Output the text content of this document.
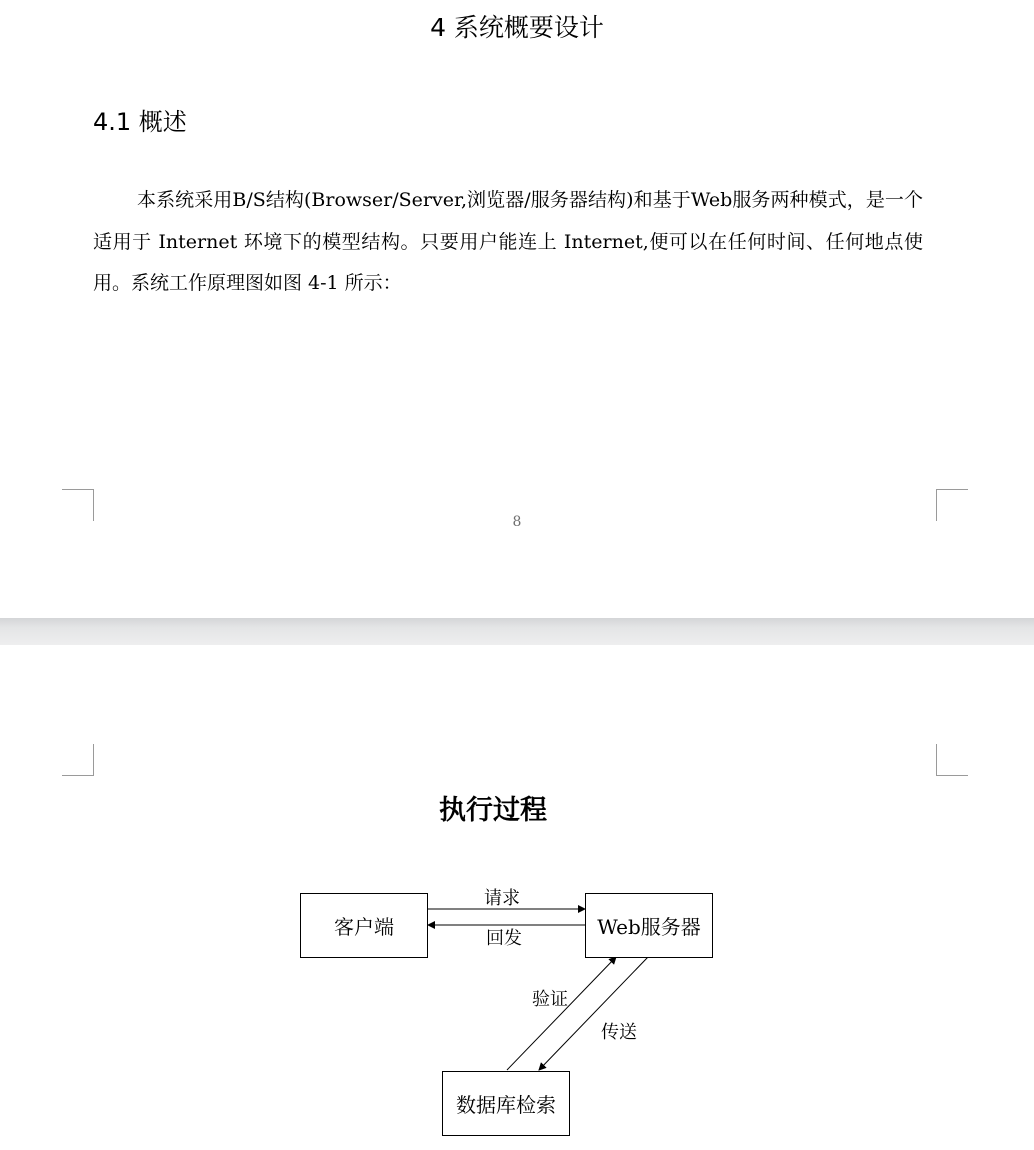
4 系统概要设计
4.1 概述
本系统采用B/S结构(Browser/Server,浏览器/服务器结构)和基于Web服务两种模式，是一个适用于 Internet 环境下的模型结构。只要用户能连上 Internet,便可以在任何时间、任何地点使用。系统工作原理图如图 4-1 所示：
8
执行过程
客户端	Web服务器
数据库检索
请求
回发
验证
传送
